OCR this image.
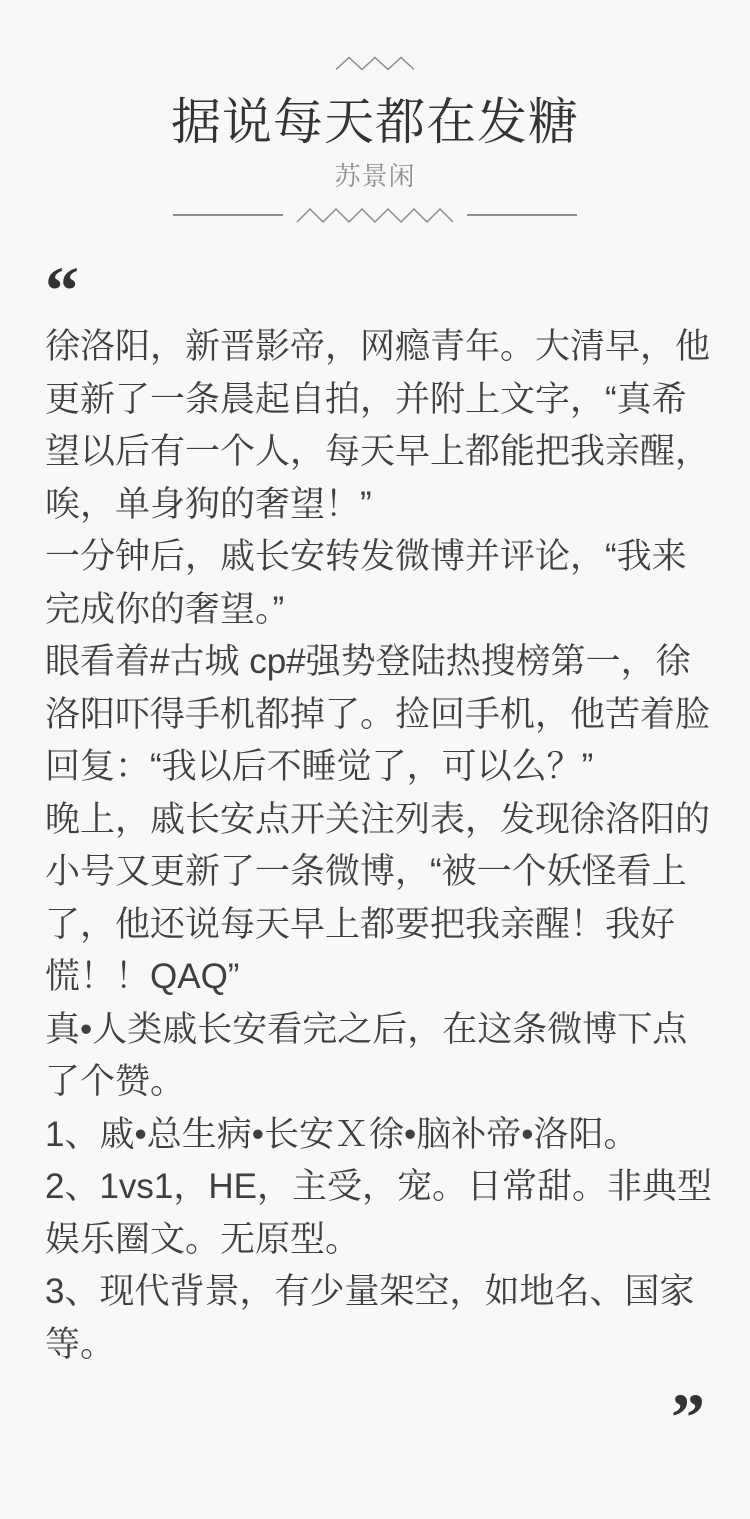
据说每天都在发糖
苏景闲
“
徐洛阳，新晋影帝，网瘾青年。大清早，他
更新了一条晨起自拍，并附上文字，“真希
望以后有一个人，每天早上都能把我亲醒，
唉，单身狗的奢望！”
一分钟后，戚长安转发微博并评论，“我来
完成你的奢望。”
眼看着#古城 cp#强势登陆热搜榜第一，徐
洛阳吓得手机都掉了。捡回手机，他苦着脸
回复：“我以后不睡觉了，可以么？”
晚上，戚长安点开关注列表，发现徐洛阳的
小号又更新了一条微博，“被一个妖怪看上
了，他还说每天早上都要把我亲醒！我好
慌！！QAQ”
真•人类戚长安看完之后，在这条微博下点
了个赞。
1、戚•总生病•长安Ｘ徐•脑补帝•洛阳。
2、1vs1，HE，主受，宠。日常甜。非典型
娱乐圈文。无原型。
3、现代背景，有少量架空，如地名、国家
等。
”
